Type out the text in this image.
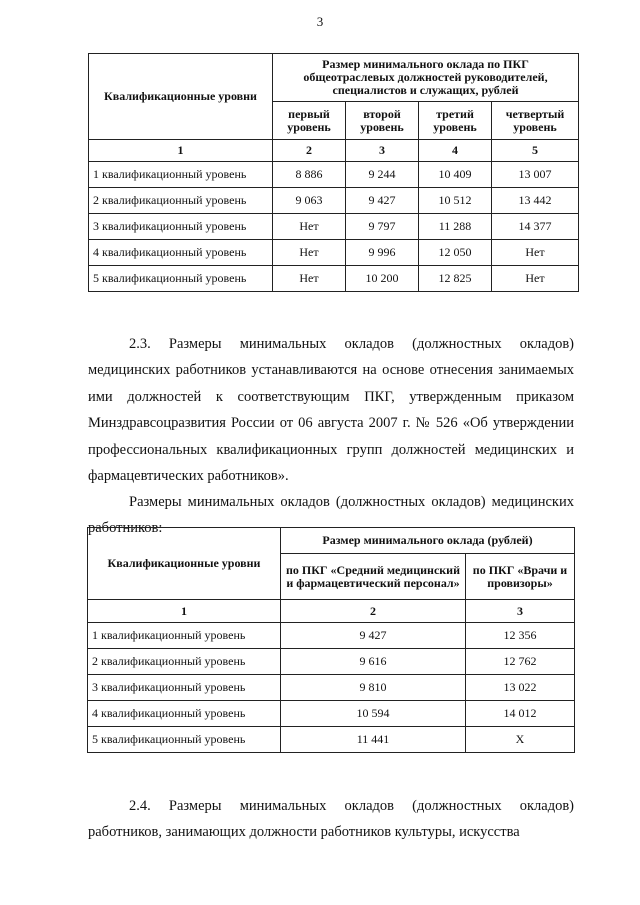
3
Квалификационные уровни	Размер минимального оклада по ПКГ общеотраслевых должностей руководителей, специалистов и служащих, рублей			
	первый уровень	второй уровень	третий уровень	четвертый уровень
1	2	3	4	5
1 квалификационный уровень	8 886	9 244	10 409	13 007
2 квалификационный уровень	9 063	9 427	10 512	13 442
3 квалификационный уровень	Нет	9 797	11 288	14 377
4 квалификационный уровень	Нет	9 996	12 050	Нет
5 квалификационный уровень	Нет	10 200	12 825	Нет

2.3. Размеры минимальных окладов (должностных окладов) медицинских работников устанавливаются на основе отнесения занимаемых ими должностей к соответствующим ПКГ, утвержденным приказом Минздравсоцразвития России от 06 августа 2007 г. № 526 «Об утверждении профессиональных квалификационных групп должностей медицинских и фармацевтических работников».

Размеры минимальных окладов (должностных окладов) медицинских работников:

Квалификационные уровни	Размер минимального оклада (рублей)	
	по ПКГ «Средний медицинский и фармацевтический персонал»	по ПКГ «Врачи и провизоры»
1	2	3
1 квалификационный уровень	9 427	12 356
2 квалификационный уровень	9 616	12 762
3 квалификационный уровень	9 810	13 022
4 квалификационный уровень	10 594	14 012
5 квалификационный уровень	11 441	Х

2.4. Размеры минимальных окладов (должностных окладов) работников, занимающих должности работников культуры, искусства
